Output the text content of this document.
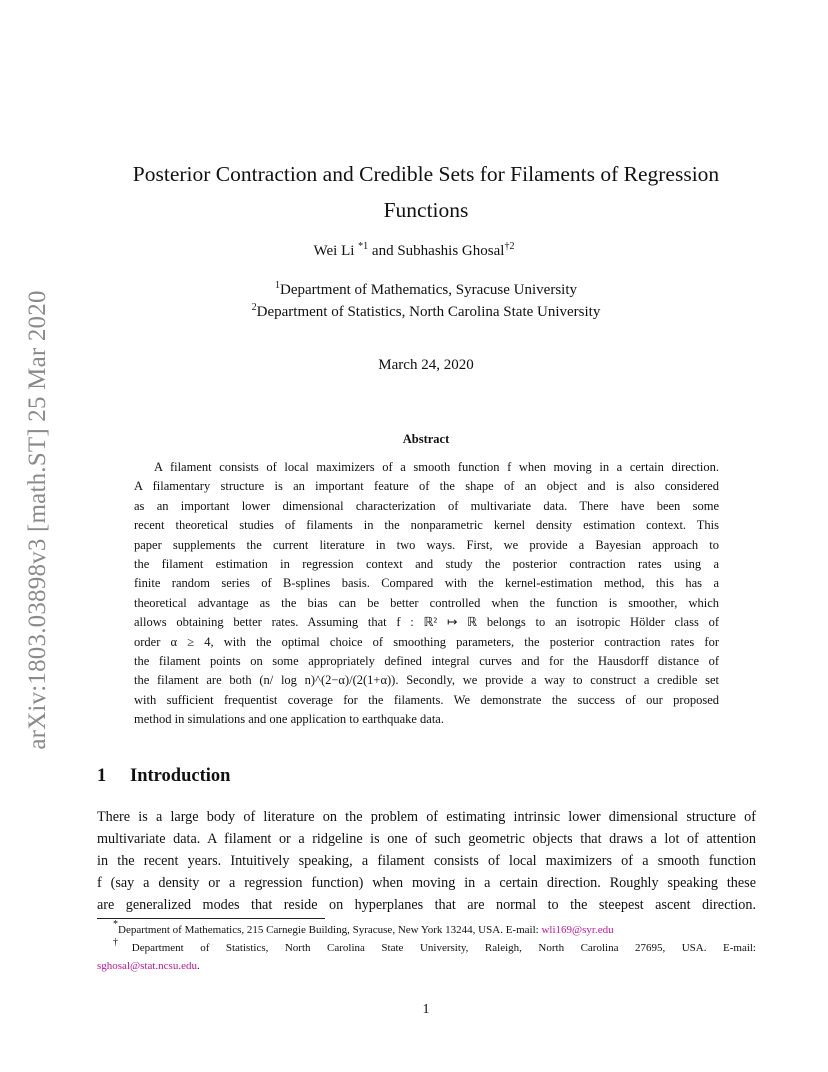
arXiv:1803.03898v3 [math.ST] 25 Mar 2020
Posterior Contraction and Credible Sets for Filaments of Regression
Functions
Wei Li $^{*1}$ and Subhashis Ghosal$^{\dagger 2}$
$^1$Department of Mathematics, Syracuse University
$^2$Department of Statistics, North Carolina State University
March 24, 2020
Abstract
A filament consists of local maximizers of a smooth function f when moving in a certain direction.
A filamentary structure is an important feature of the shape of an object and is also considered
as an important lower dimensional characterization of multivariate data. There have been some
recent theoretical studies of filaments in the nonparametric kernel density estimation context. This
paper supplements the current literature in two ways. First, we provide a Bayesian approach to
the filament estimation in regression context and study the posterior contraction rates using a
finite random series of B-splines basis. Compared with the kernel-estimation method, this has a
theoretical advantage as the bias can be better controlled when the function is smoother, which
allows obtaining better rates. Assuming that f : ℝ² ↦ ℝ belongs to an isotropic Hölder class of
order α ≥ 4, with the optimal choice of smoothing parameters, the posterior contraction rates for
the filament points on some appropriately defined integral curves and for the Hausdorff distance of
the filament are both (n/ log n)^(2−α)/(2(1+α)). Secondly, we provide a way to construct a credible set
with sufficient frequentist coverage for the filaments. We demonstrate the success of our proposed
method in simulations and one application to earthquake data.
1 Introduction
There is a large body of literature on the problem of estimating intrinsic lower dimensional structure of
multivariate data. A filament or a ridgeline is one of such geometric objects that draws a lot of attention
in the recent years. Intuitively speaking, a filament consists of local maximizers of a smooth function
f (say a density or a regression function) when moving in a certain direction. Roughly speaking these
are generalized modes that reside on hyperplanes that are normal to the steepest ascent direction.
*Department of Mathematics, 215 Carnegie Building, Syracuse, New York 13244, USA. E-mail: wli169@syr.edu
†Department of Statistics, North Carolina State University, Raleigh, North Carolina 27695, USA. E-mail:
sghosal@stat.ncsu.edu.
1
